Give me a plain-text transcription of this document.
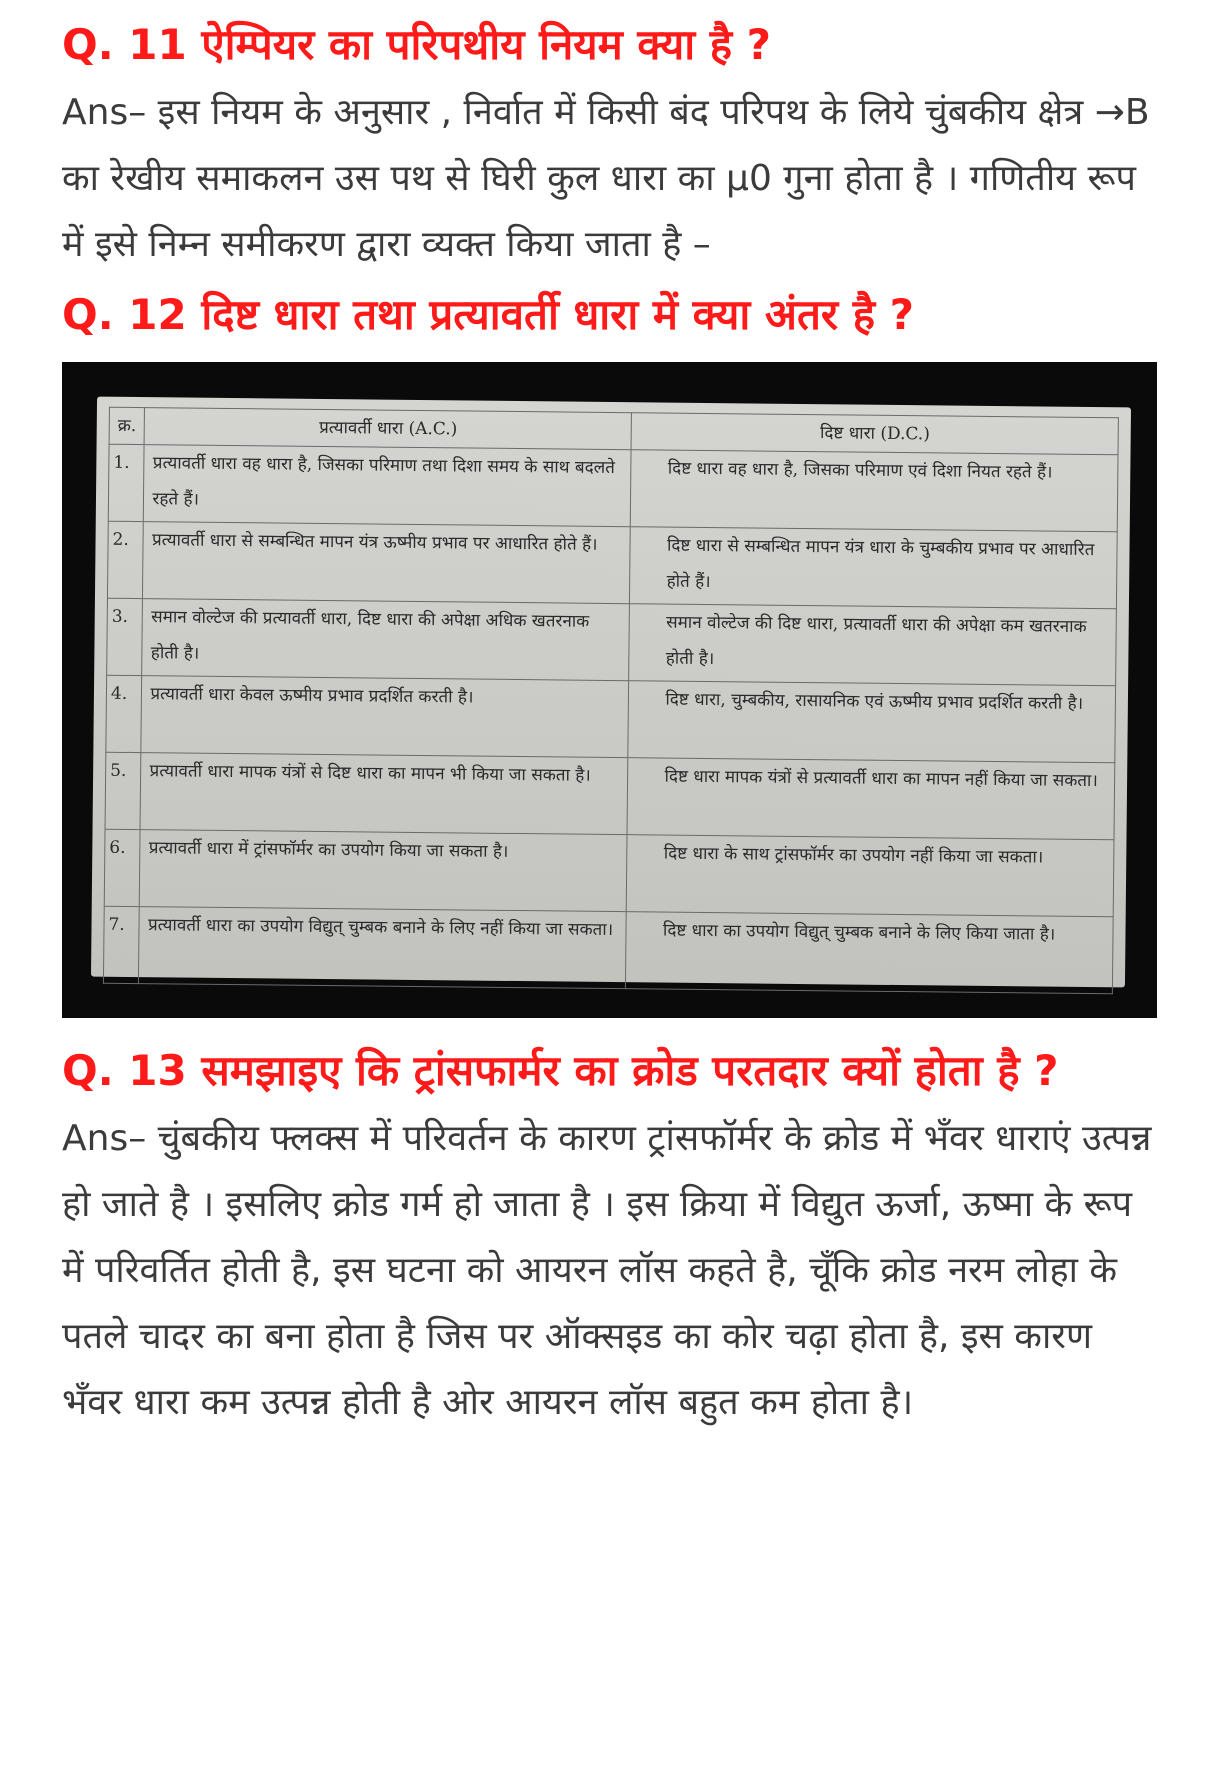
Q. 11 ऐम्पियर का परिपथीय नियम क्या है ?

Ans– इस नियम के अनुसार , निर्वात में किसी बंद परिपथ के लिये चुंबकीय क्षेत्र →B का रेखीय समाकलन उस पथ से घिरी कुल धारा का μ0 गुना होता है । गणितीय रूप में इसे निम्न समीकरण द्वारा व्यक्त किया जाता है –

Q. 12 दिष्ट धारा तथा प्रत्यावर्ती धारा में क्या अंतर है ?
क्र.	प्रत्यावर्ती धारा (A.C.)	दिष्ट धारा (D.C.)
1.	प्रत्यावर्ती धारा वह धारा है, जिसका परिमाण तथा दिशा समय के साथ बदलते रहते हैं।	दिष्ट धारा वह धारा है, जिसका परिमाण एवं दिशा नियत रहते हैं।
2.	प्रत्यावर्ती धारा से सम्बन्धित मापन यंत्र ऊष्मीय प्रभाव पर आधारित होते हैं।	दिष्ट धारा से सम्बन्धित मापन यंत्र धारा के चुम्बकीय प्रभाव पर आधारित होते हैं।
3.	समान वोल्टेज की प्रत्यावर्ती धारा, दिष्ट धारा की अपेक्षा अधिक खतरनाक होती है।	समान वोल्टेज की दिष्ट धारा, प्रत्यावर्ती धारा की अपेक्षा कम खतरनाक होती है।
4.	प्रत्यावर्ती धारा केवल ऊष्मीय प्रभाव प्रदर्शित करती है।	दिष्ट धारा, चुम्बकीय, रासायनिक एवं ऊष्मीय प्रभाव प्रदर्शित करती है।
5.	प्रत्यावर्ती धारा मापक यंत्रों से दिष्ट धारा का मापन भी किया जा सकता है।	दिष्ट धारा मापक यंत्रों से प्रत्यावर्ती धारा का मापन नहीं किया जा सकता।
6.	प्रत्यावर्ती धारा में ट्रांसफॉर्मर का उपयोग किया जा सकता है।	दिष्ट धारा के साथ ट्रांसफॉर्मर का उपयोग नहीं किया जा सकता।
7.	प्रत्यावर्ती धारा का उपयोग विद्युत् चुम्बक बनाने के लिए नहीं किया जा सकता।	दिष्ट धारा का उपयोग विद्युत् चुम्बक बनाने के लिए किया जाता है।
Q. 13 समझाइए कि ट्रांसफार्मर का क्रोड परतदार क्यों होता है ?

Ans– चुंबकीय फ्लक्स में परिवर्तन के कारण ट्रांसफॉर्मर के क्रोड में भँवर धाराएं उत्पन्न हो जाते है । इसलिए क्रोड गर्म हो जाता है । इस क्रिया में विद्युत ऊर्जा, ऊष्मा के रूप में परिवर्तित होती है, इस घटना को आयरन लॉस कहते है, चूँकि क्रोड नरम लोहा के पतले चादर का बना होता है जिस पर ऑक्सइड का कोर चढ़ा होता है, इस कारण भँवर धारा कम उत्पन्न होती है ओर आयरन लॉस बहुत कम होता है।
